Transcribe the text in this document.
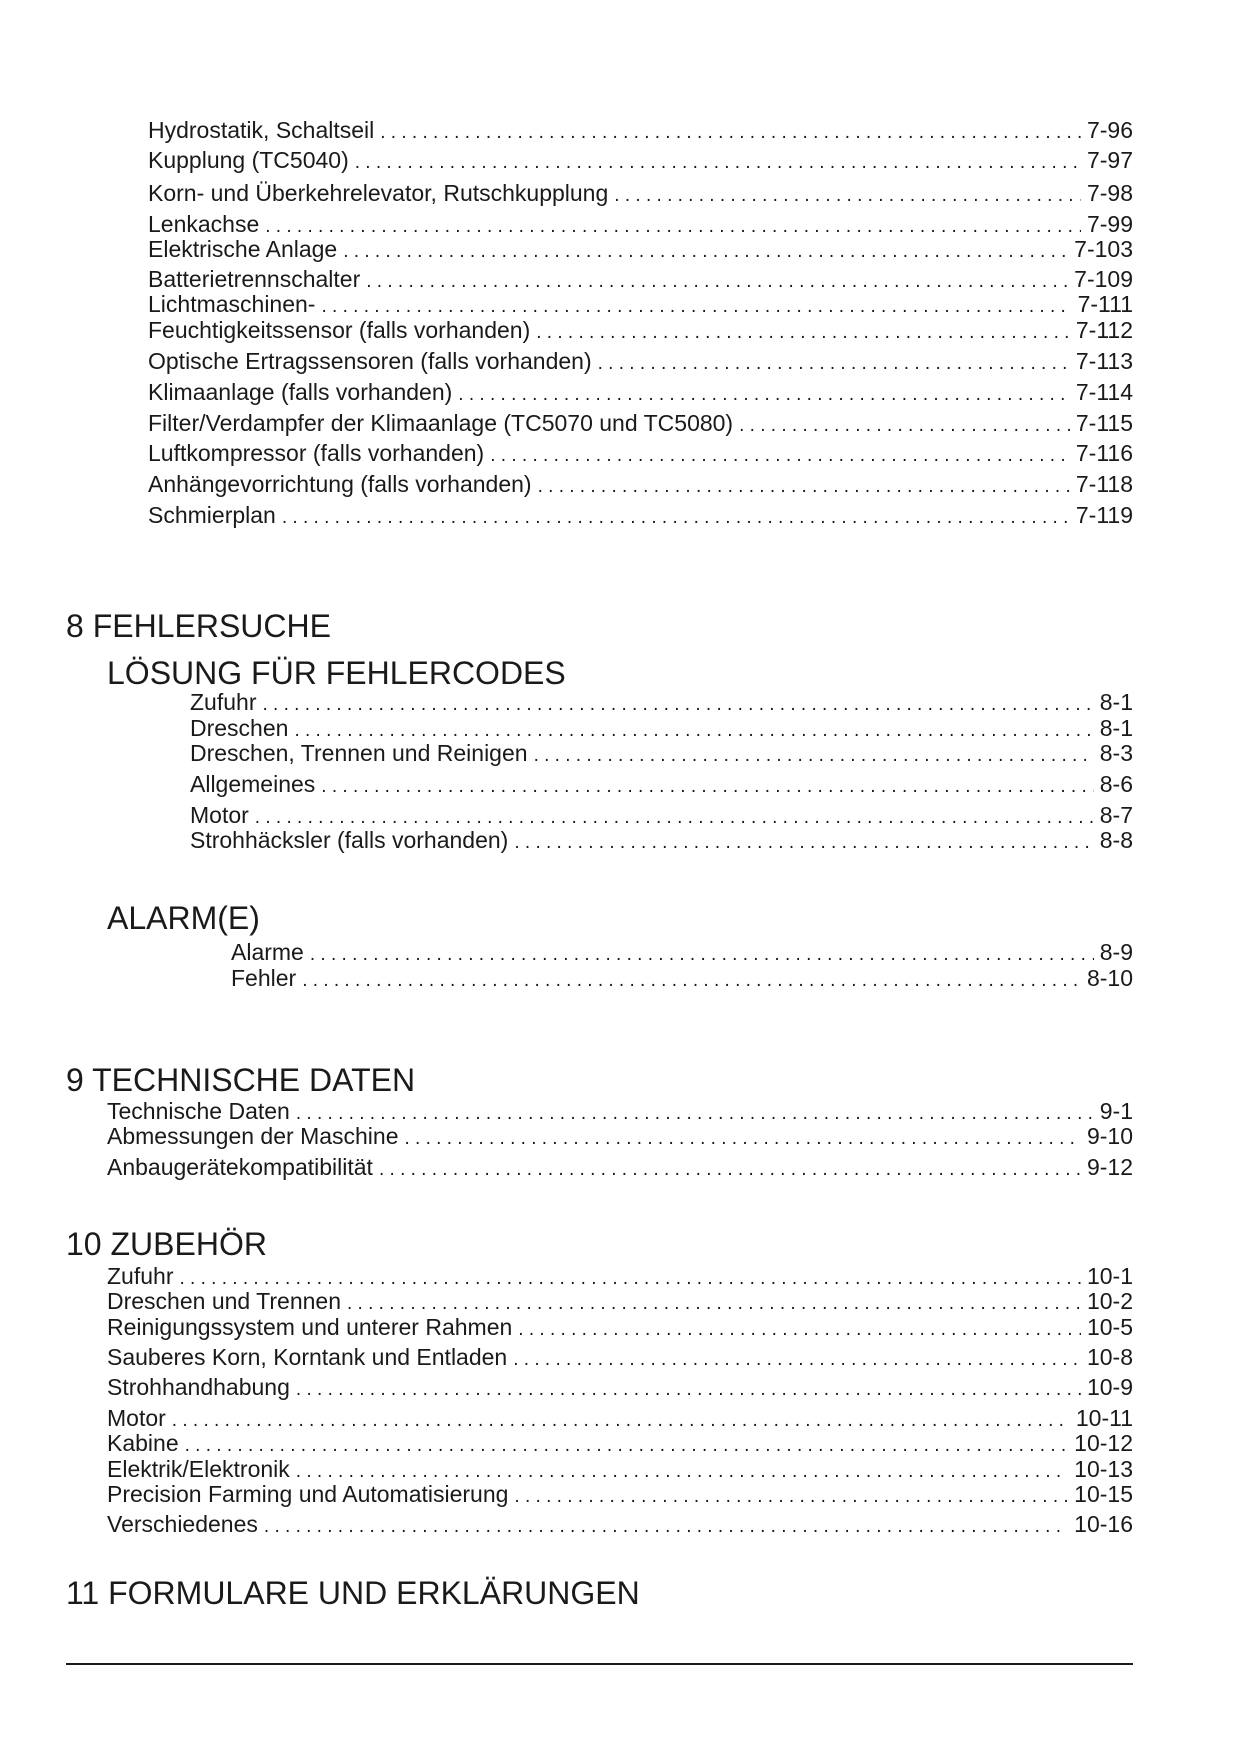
Hydrostatik, Schaltseil . . .	7-96
Kupplung (TC5040) . . .	7-97
Korn- und Überkehrelevator, Rutschkupplung . . .	7-98
Lenkachse . . .	7-99
Elektrische Anlage . . .	7-103
Batterietrennschalter . . .	7-109
Lichtmaschinen- . . .	7-111
Feuchtigkeitssensor (falls vorhanden) . . .	7-112
Optische Ertragssensoren (falls vorhanden) . . .	7-113
Klimaanlage (falls vorhanden) . . .	7-114
Filter/Verdampfer der Klimaanlage (TC5070 und TC5080) . . .	7-115
Luftkompressor (falls vorhanden) . . .	7-116
Anhängevorrichtung (falls vorhanden) . . .	7-118
Schmierplan . . .	7-119
8 FEHLERSUCHE
LÖSUNG FÜR FEHLERCODES
Zufuhr . . .	8-1
Dreschen . . .	8-1
Dreschen, Trennen und Reinigen . . .	8-3
Allgemeines . . .	8-6
Motor . . .	8-7
Strohhäcksler (falls vorhanden) . . .	8-8
ALARM(E)
Alarme . . .	8-9
Fehler . . .	8-10
9 TECHNISCHE DATEN
Technische Daten . . .	9-1
Abmessungen der Maschine . . .	9-10
Anbaugerätekompatibilität . . .	9-12
10 ZUBEHÖR
Zufuhr . . .	10-1
Dreschen und Trennen . . .	10-2
Reinigungssystem und unterer Rahmen . . .	10-5
Sauberes Korn, Korntank und Entladen . . .	10-8
Strohhandhabung . . .	10-9
Motor . . .	10-11
Kabine . . .	10-12
Elektrik/Elektronik . . .	10-13
Precision Farming und Automatisierung . . .	10-15
Verschiedenes . . .	10-16
11 FORMULARE UND ERKLÄRUNGEN
